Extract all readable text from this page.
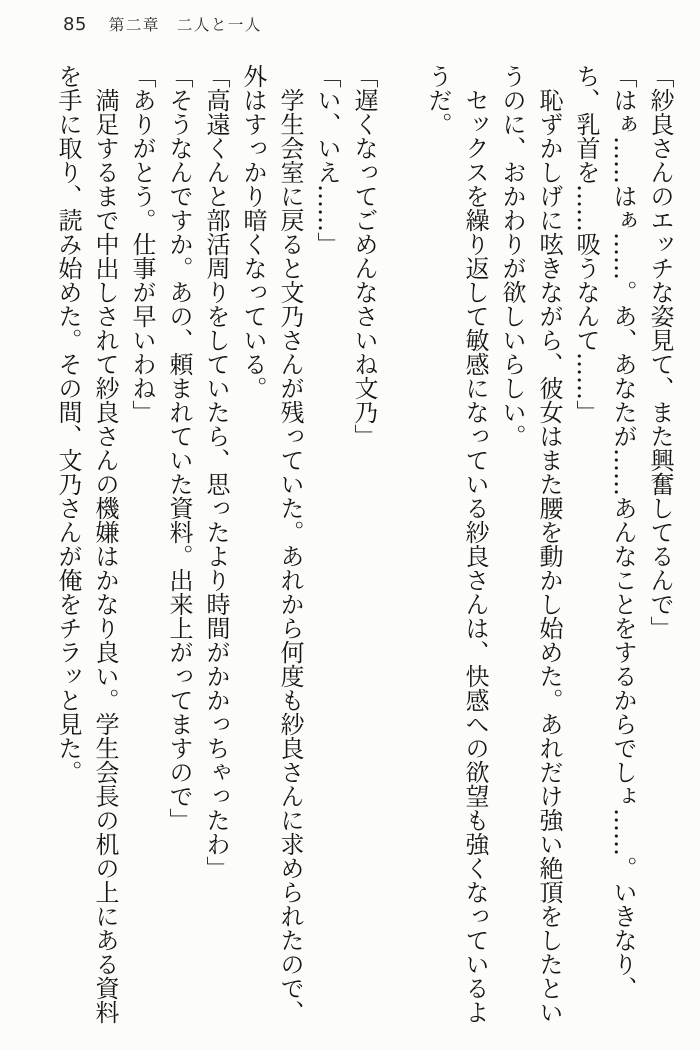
85 第二章　二人と一人

「紗良さんのエッチな姿見て、また興奮してるんで」

「はぁ……はぁ……。あ、あなたが……あんなことをするからでしょ……。いきなり、ち、乳首を……吸うなんて……」

恥ずかしげに呟きながら、彼女はまた腰を動かし始めた。あれだけ強い絶頂をしたというのに、おかわりが欲しいらしい。

セックスを繰り返して敏感になっている紗良さんは、快感への欲望も強くなっているようだ。

「遅くなってごめんなさいね文乃」

「い、いえ……」

学生会室に戻ると文乃さんが残っていた。あれから何度も紗良さんに求められたので、外はすっかり暗くなっている。

「高遠くんと部活周りをしていたら、思ったより時間がかかっちゃったわ」

「そうなんですか。あの、頼まれていた資料。出来上がってますので」

「ありがとう。仕事が早いわね」

満足するまで中出しされて紗良さんの機嫌はかなり良い。学生会長の机の上にある資料を手に取り、読み始めた。その間、文乃さんが俺をチラッと見た。
